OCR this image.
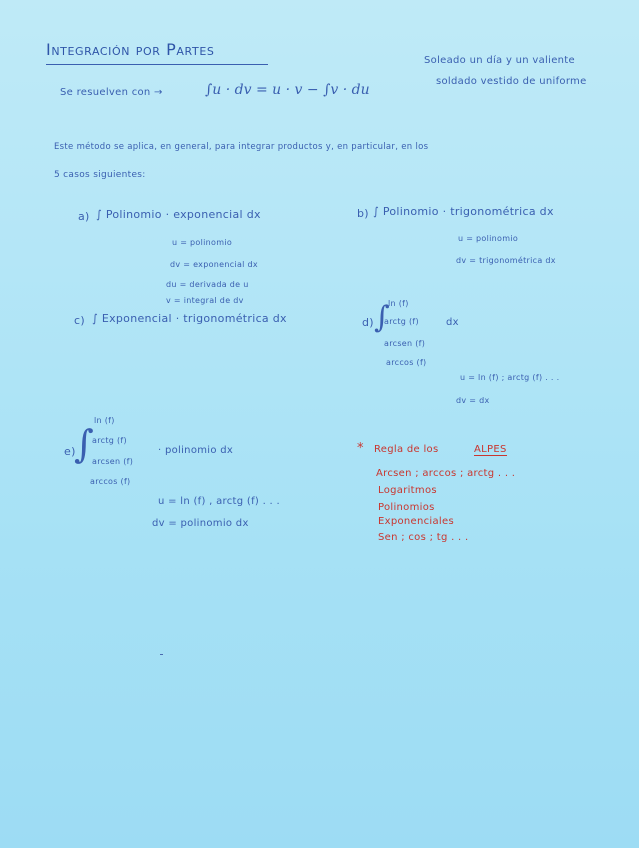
Integración por Partes
Soleado un día y un valiente
soldado vestido de uniforme
Se resuelven con →	∫u · dv = u · v − ∫v · du
Este método se aplica, en general, para integrar productos y, en particular, en los
5 casos siguientes:
a) ∫ Polinomio · exponencial dx
u = polinomio
dv = exponencial dx
du = derivada de u
v = integral de dv
b) ∫ Polinomio · trigonométrica dx
u = polinomio
dv = trigonométrica dx
c) ∫ Exponencial · trigonométrica dx	d) ∫
ln (f)
arctg (f)	dx
arcsen (f)
arccos (f)
u = ln (f) ; arctg (f) . . .
dv = dx
e)
∫
ln (f)
arctg (f)
· polinomio dx
arcsen (f)
arccos (f)
u = ln (f) , arctg (f) . . .
dv = polinomio dx
* Regla de los	ALPES
Arcsen ; arccos ; arctg . . .
Logaritmos
Polinomios
Exponenciales
Sen ; cos ; tg . . .
